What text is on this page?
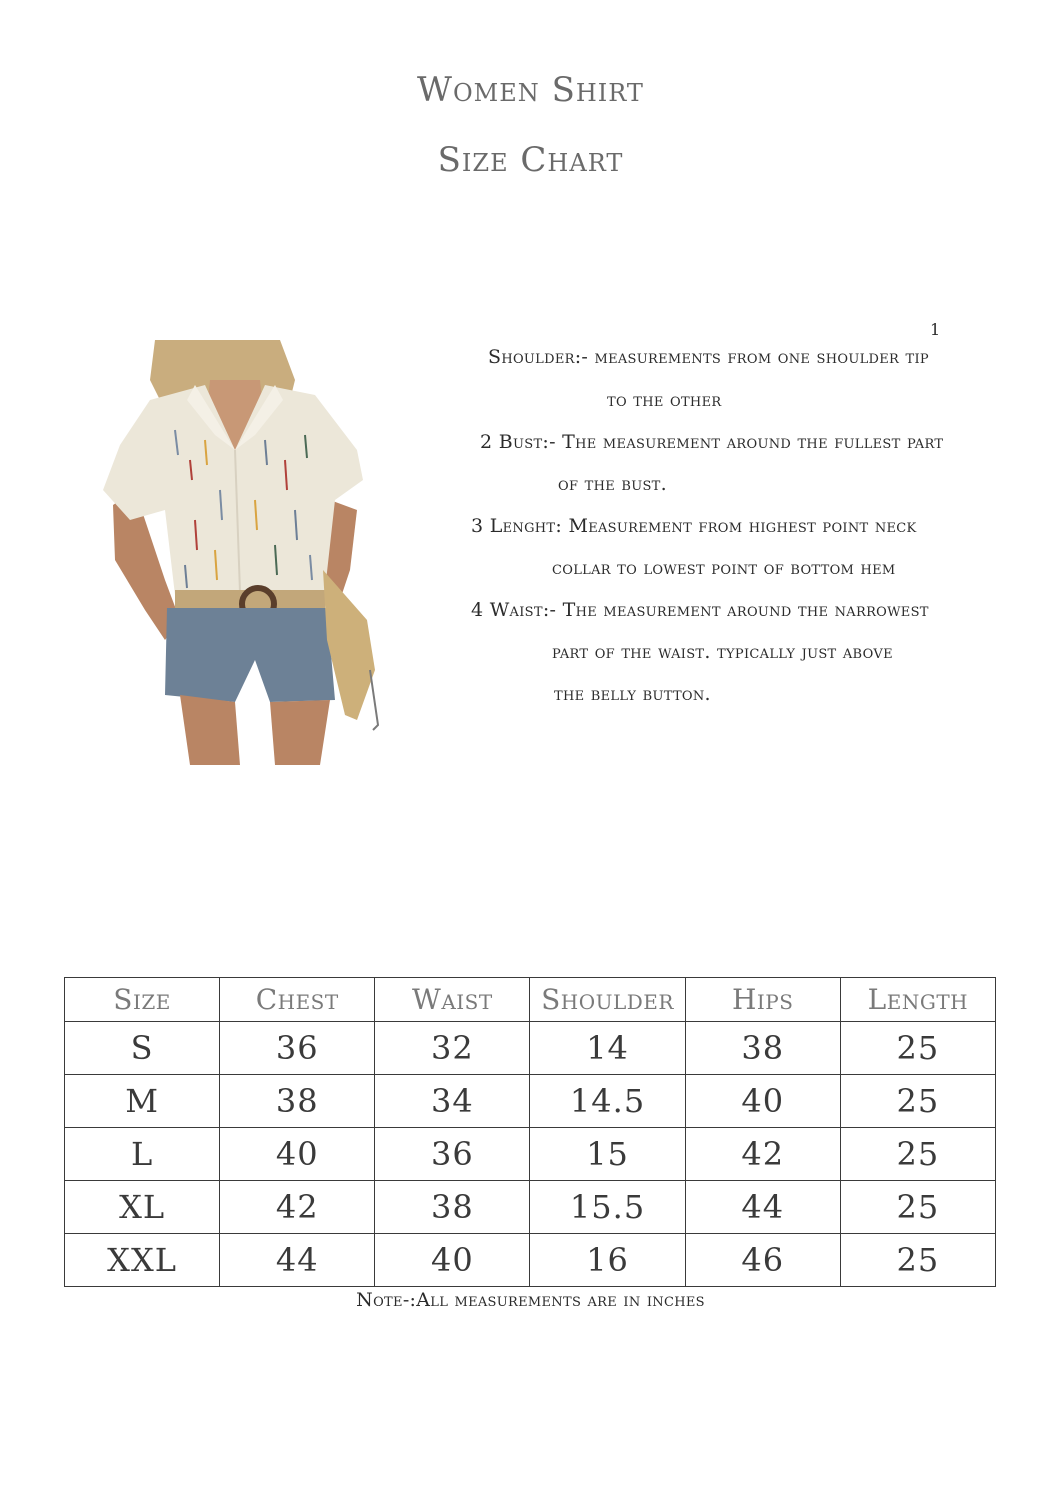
Women Shirt
Size Chart
1
Shoulder:- measurements from one shoulder tip
to the other
2 Bust:- The measurement around the fullest part
of the bust.
3 Lenght: Measurement from highest point neck
collar to lowest point of bottom hem
4 Waist:- The measurement around the narrowest
part of the waist. typically just above
the belly button.
Size	Chest	Waist	Shoulder	Hips	Length
S	36	32	14	38	25
M	38	34	14.5	40	25
L	40	36	15	42	25
XL	42	38	15.5	44	25
XXL	44	40	16	46	25
Note-:All measurements are in inches
